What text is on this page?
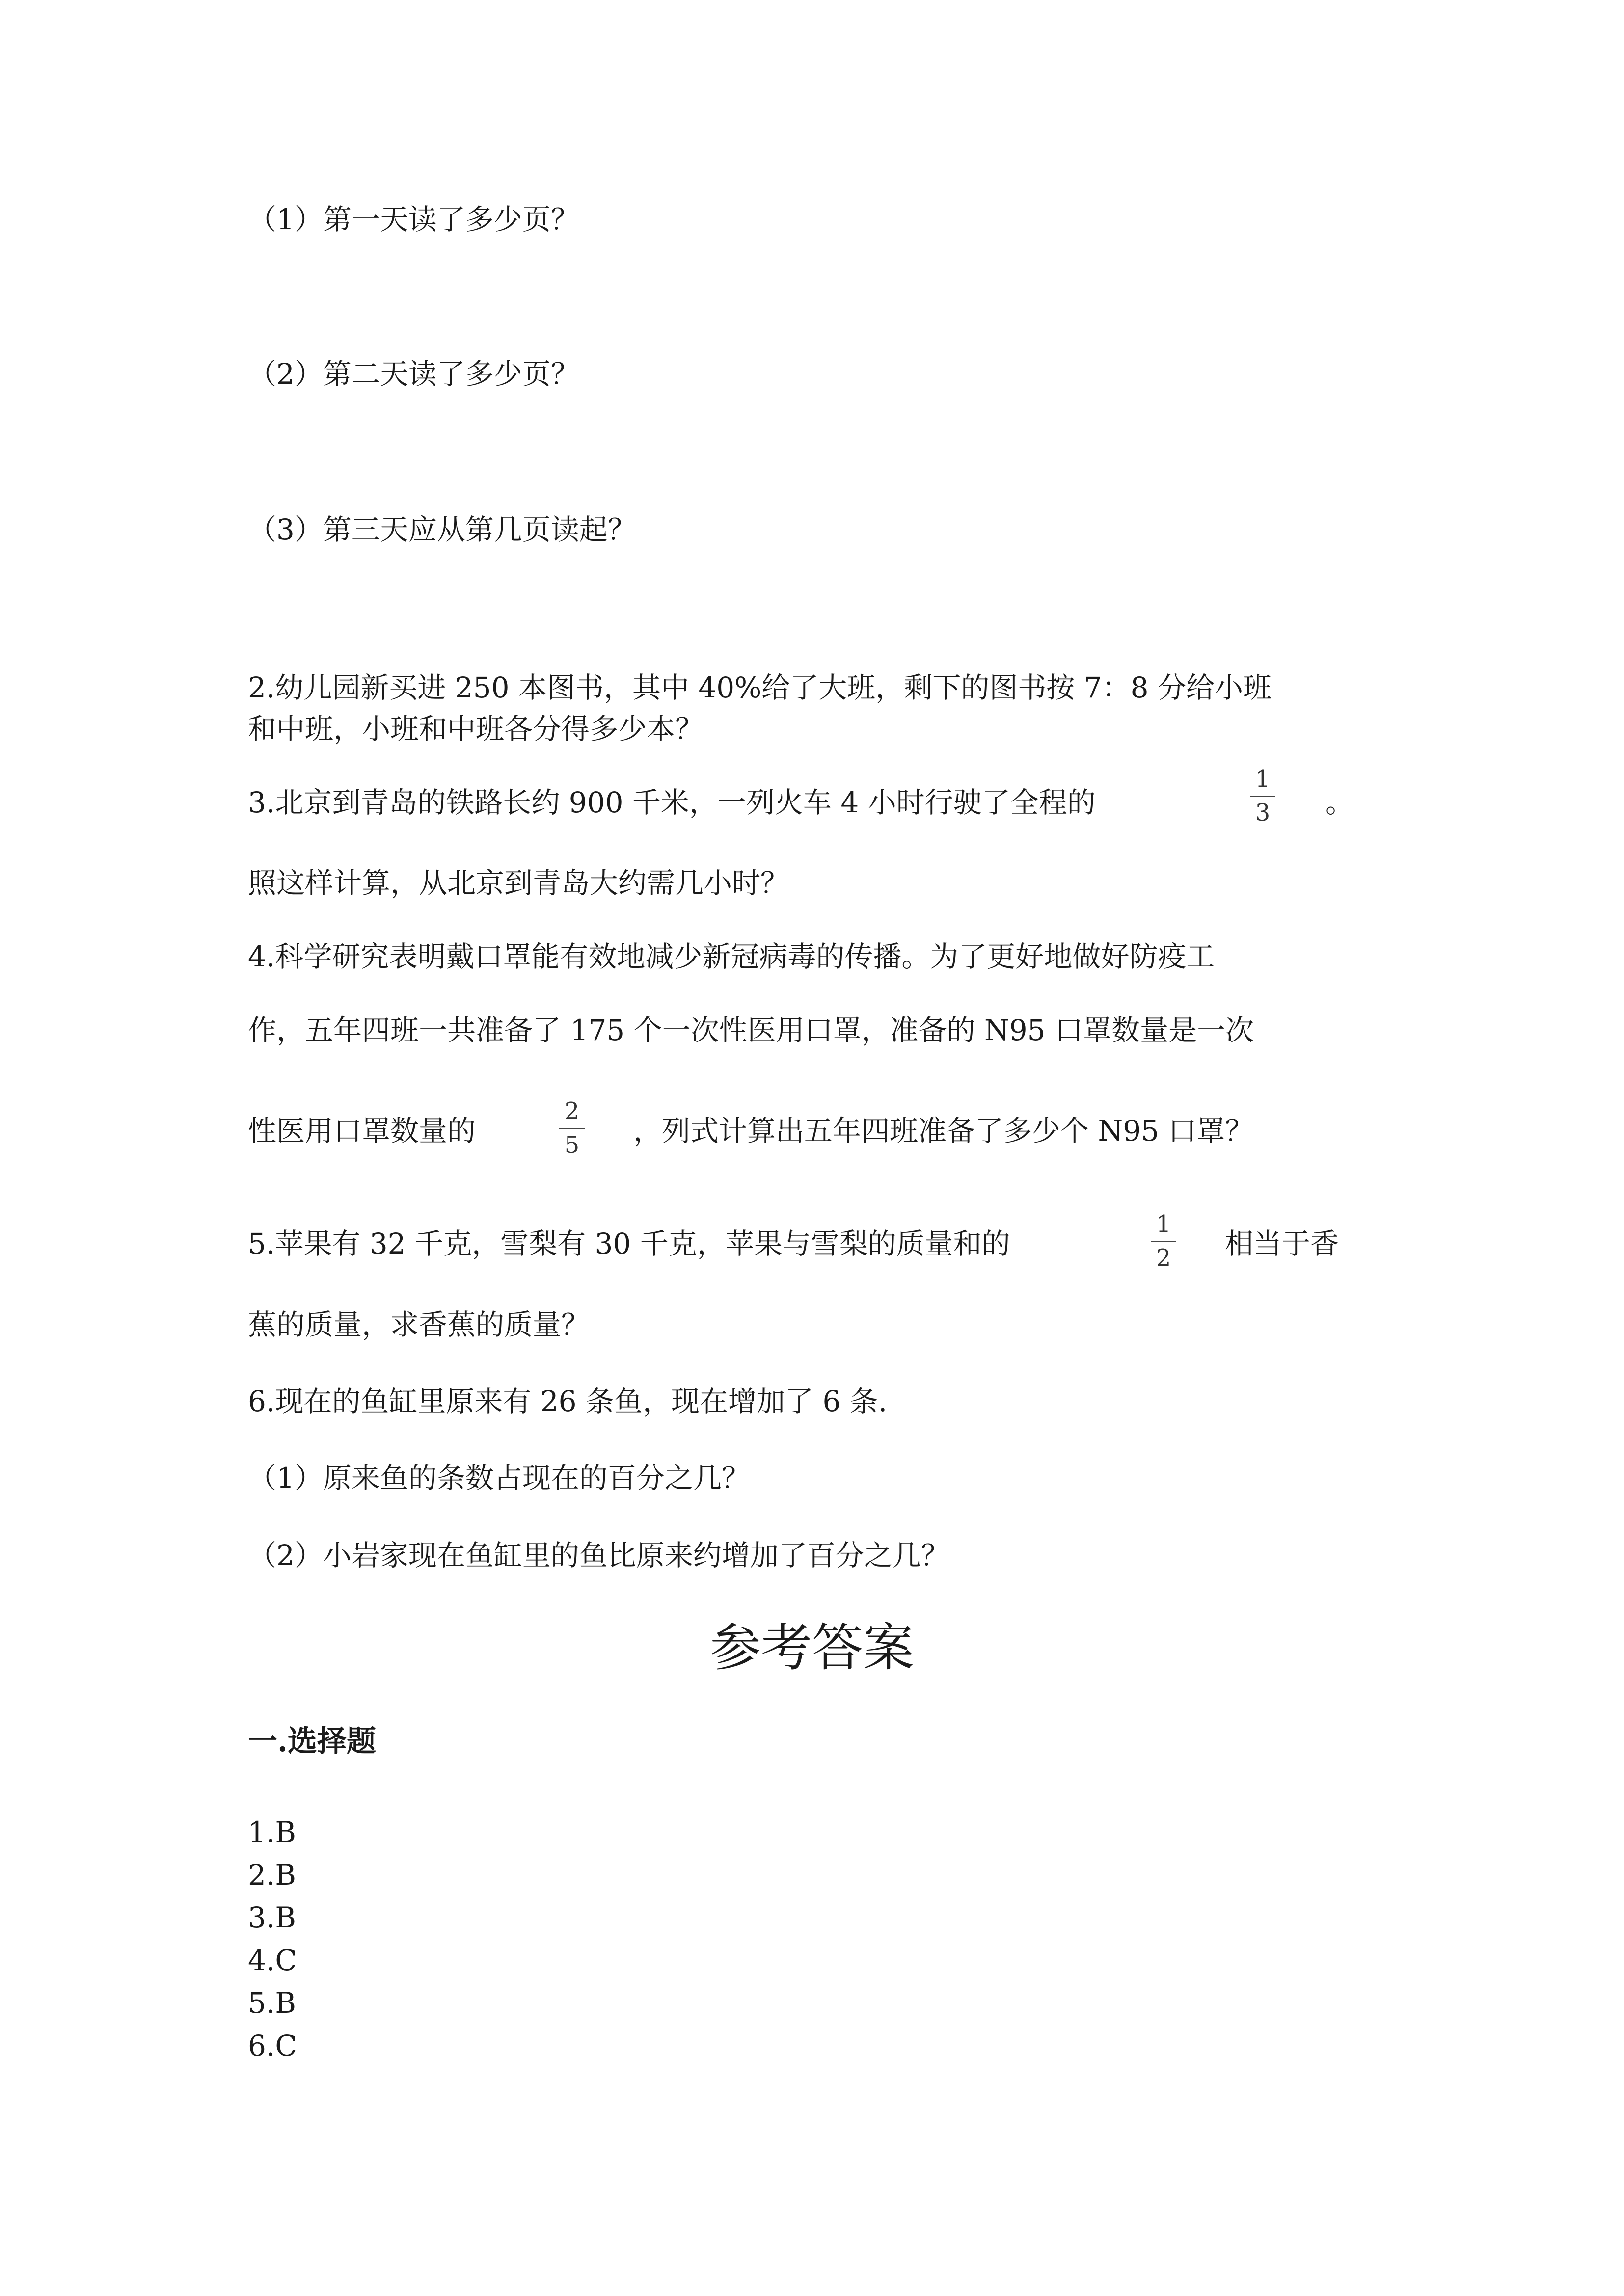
（1）第一天读了多少页？
（2）第二天读了多少页？
（3）第三天应从第几页读起？
2.幼儿园新买进 250 本图书，其中 40%给了大班，剩下的图书按 7：8 分给小班
和中班，小班和中班各分得多少本？
3.北京到青岛的铁路长约 900 千米，一列火车 4 小时行驶了全程的
1
3 。
照这样计算，从北京到青岛大约需几小时？
4.科学研究表明戴口罩能有效地减少新冠病毒的传播。为了更好地做好防疫工
作，五年四班一共准备了 175 个一次性医用口罩，准备的 N95 口罩数量是一次
性医用口罩数量的
2
5 ，列式计算出五年四班准备了多少个 N95 口罩？
5.苹果有 32 千克，雪梨有 30 千克，苹果与雪梨的质量和的
1
2 相当于香
蕉的质量，求香蕉的质量？
6.现在的鱼缸里原来有 26 条鱼，现在增加了 6 条.
（1）原来鱼的条数占现在的百分之几？
（2）小岩家现在鱼缸里的鱼比原来约增加了百分之几？
参考答案
一.选择题
1.B
2.B
3.B
4.C
5.B
6.C
